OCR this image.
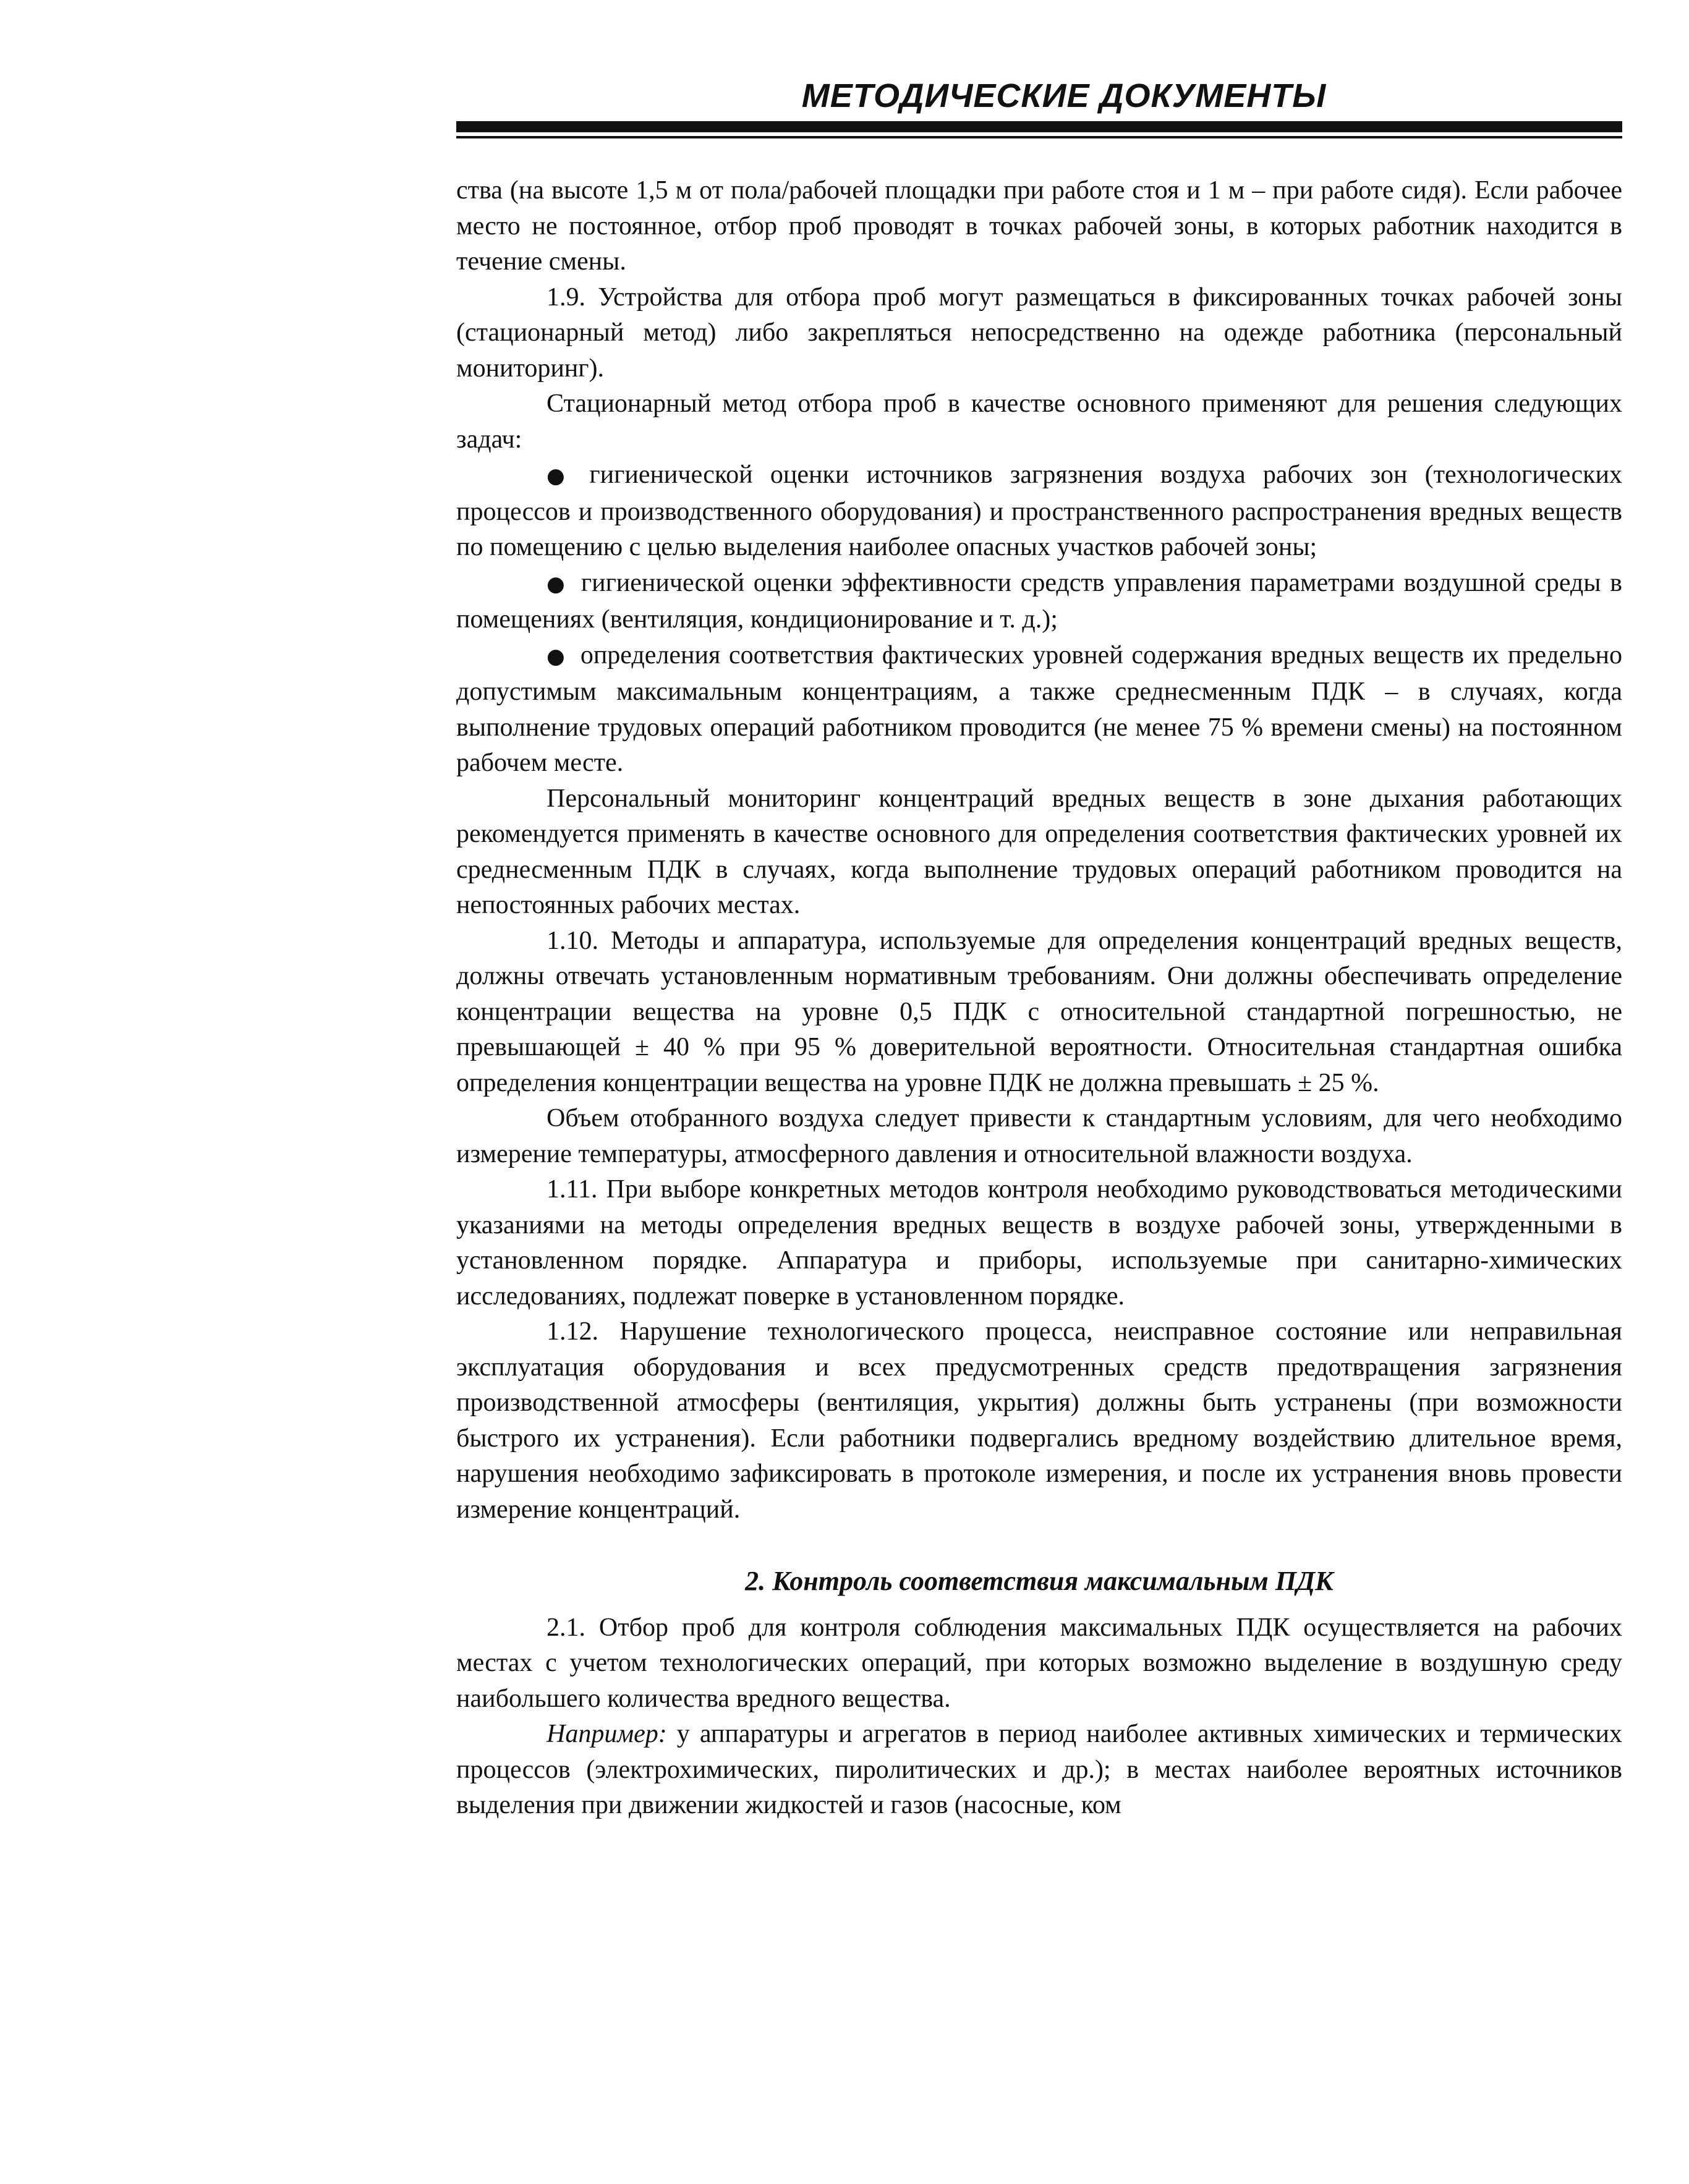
МЕТОДИЧЕСКИЕ ДОКУМЕНТЫ

ства (на высоте 1,5 м от пола/рабочей площадки при работе стоя и 1 м – при работе сидя). Если рабочее место не постоянное, отбор проб проводят в точках рабочей зоны, в которых работник находится в течение смены.

1.9. Устройства для отбора проб могут размещаться в фиксированных точках рабочей зоны (стационарный метод) либо закрепляться непосредственно на одежде работника (персональный мониторинг).

Стационарный метод отбора проб в качестве основного применяют для решения следующих задач:

● гигиенической оценки источников загрязнения воздуха рабочих зон (технологических процессов и производственного оборудования) и пространственного распространения вредных веществ по помещению с целью выделения наиболее опасных участков рабочей зоны;

● гигиенической оценки эффективности средств управления параметрами воздушной среды в помещениях (вентиляция, кондиционирование и т. д.);

● определения соответствия фактических уровней содержания вредных веществ их предельно допустимым максимальным концентрациям, а также среднесменным ПДК – в случаях, когда выполнение трудовых операций работником проводится (не менее 75 % времени смены) на постоянном рабочем месте.

Персональный мониторинг концентраций вредных веществ в зоне дыхания работающих рекомендуется применять в качестве основного для определения соответствия фактических уровней их среднесменным ПДК в случаях, когда выполнение трудовых операций работником проводится на непостоянных рабочих местах.

1.10. Методы и аппаратура, используемые для определения концентраций вредных веществ, должны отвечать установленным нормативным требованиям. Они должны обеспечивать определение концентрации вещества на уровне 0,5 ПДК с относительной стандартной погрешностью, не превышающей ± 40 % при 95 % доверительной вероятности. Относительная стандартная ошибка определения концентрации вещества на уровне ПДК не должна превышать ± 25 %.

Объем отобранного воздуха следует привести к стандартным условиям, для чего необходимо измерение температуры, атмосферного давления и относительной влажности воздуха.

1.11. При выборе конкретных методов контроля необходимо руководствоваться методическими указаниями на методы определения вредных веществ в воздухе рабочей зоны, утвержденными в установленном порядке. Аппаратура и приборы, используемые при санитарно-химических исследованиях, подлежат поверке в установленном порядке.

1.12. Нарушение технологического процесса, неисправное состояние или неправильная эксплуатация оборудования и всех предусмотренных средств предотвращения загрязнения производственной атмосферы (вентиляция, укрытия) должны быть устранены (при возможности быстрого их устранения). Если работники подвергались вредному воздействию длительное время, нарушения необходимо зафиксировать в протоколе измерения, и после их устранения вновь провести измерение концентраций.

2. Контроль соответствия максимальным ПДК

2.1. Отбор проб для контроля соблюдения максимальных ПДК осуществляется на рабочих местах с учетом технологических операций, при которых возможно выделение в воздушную среду наибольшего количества вредного вещества.

Например: у аппаратуры и агрегатов в период наиболее активных химических и термических процессов (электрохимических, пиролитических и др.); в местах наиболее вероятных источников выделения при движении жидкостей и газов (насосные, ком
